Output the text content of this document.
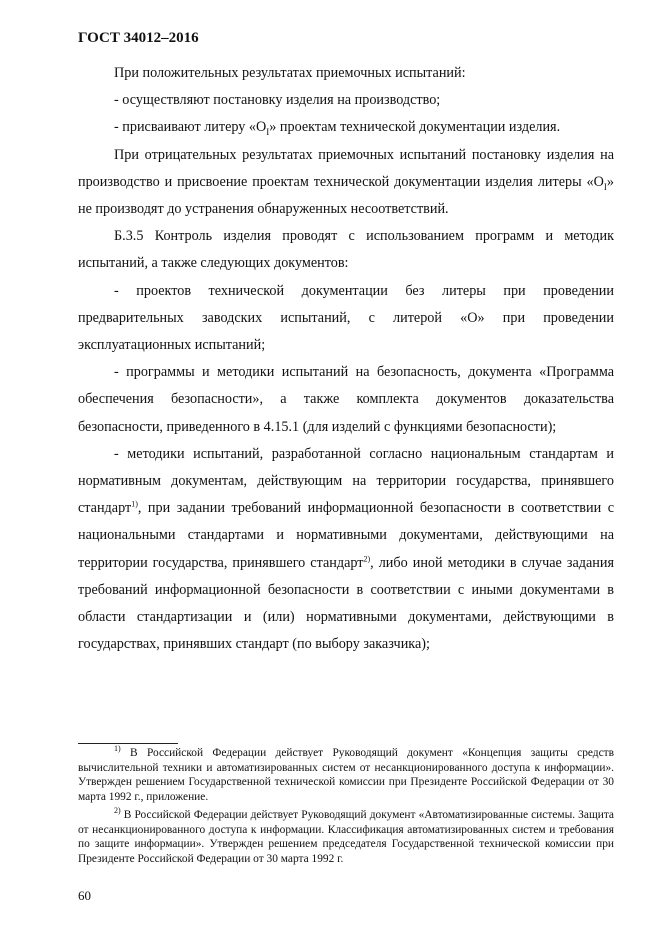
ГОСТ 34012–2016

При положительных результатах приемочных испытаний:

- осуществляют постановку изделия на производство;

- присваивают литеру «$О_I$» проектам технической документации изделия.

При отрицательных результатах приемочных испытаний постановку изделия на производство и присвоение проектам технической документации изделия литеры «$О_I$» не производят до устранения обнаруженных несоответствий.

Б.3.5 Контроль изделия проводят с использованием программ и методик испытаний, а также следующих документов:

- проектов технической документации без литеры при проведении предварительных заводских испытаний, с литерой «О» при проведении эксплуатационных испытаний;

- программы и методики испытаний на безопасность, документа «Программа обеспечения безопасности», а также комплекта документов доказательства безопасности, приведенного в 4.15.1 (для изделий с функциями безопасности);

- методики испытаний, разработанной согласно национальным стандартам и нормативным документам, действующим на территории государства, принявшего стандарт$^{1)}$, при задании требований информационной безопасности в соответствии с национальными стандартами и нормативными документами, действующими на территории государства, принявшего стандарт$^{2)}$, либо иной методики в случае задания требований информационной безопасности в соответствии с иными документами в области стандартизации и (или) нормативными документами, действующими в государствах, принявших стандарт (по выбору заказчика);

$^{1)}$ В Российской Федерации действует Руководящий документ «Концепция защиты средств вычислительной техники и автоматизированных систем от несанкционированного доступа к информации». Утвержден решением Государственной технической комиссии при Президенте Российской Федерации от 30 марта 1992 г., приложение.

$^{2)}$ В Российской Федерации действует Руководящий документ «Автоматизированные системы. Защита от несанкционированного доступа к информации. Классификация автоматизированных систем и требования по защите информации». Утвержден решением председателя Государственной технической комиссии при Президенте Российской Федерации от 30 марта 1992 г.

60
